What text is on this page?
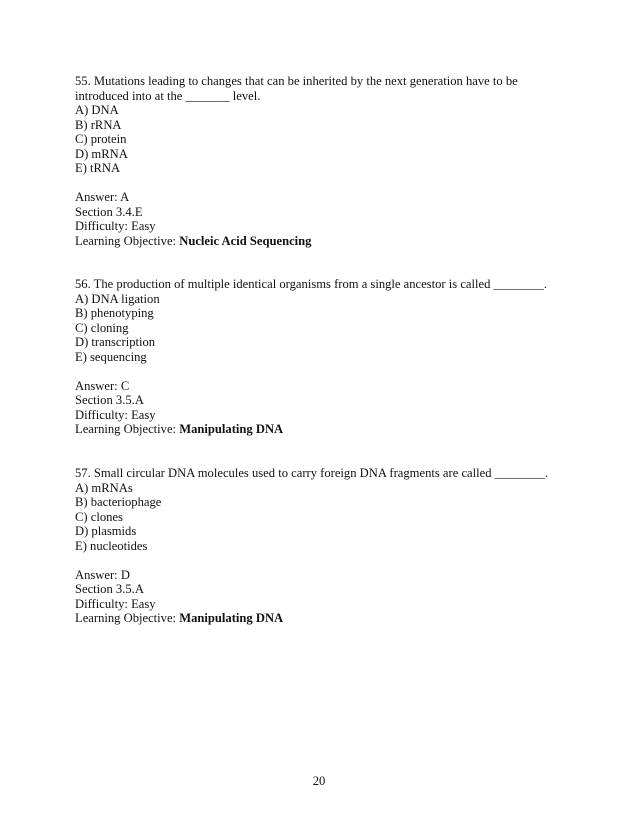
55. Mutations leading to changes that can be inherited by the next generation have to be
introduced into at the _______ level.
A) DNA
B) rRNA
C) protein
D) mRNA
E) tRNA
Answer: A
Section 3.4.E
Difficulty: Easy
Learning Objective: Nucleic Acid Sequencing
56. The production of multiple identical organisms from a single ancestor is called ________.
A) DNA ligation
B) phenotyping
C) cloning
D) transcription
E) sequencing
Answer: C
Section 3.5.A
Difficulty: Easy
Learning Objective: Manipulating DNA
57. Small circular DNA molecules used to carry foreign DNA fragments are called ________.
A) mRNAs
B) bacteriophage
C) clones
D) plasmids
E) nucleotides
Answer: D
Section 3.5.A
Difficulty: Easy
Learning Objective: Manipulating DNA
20
